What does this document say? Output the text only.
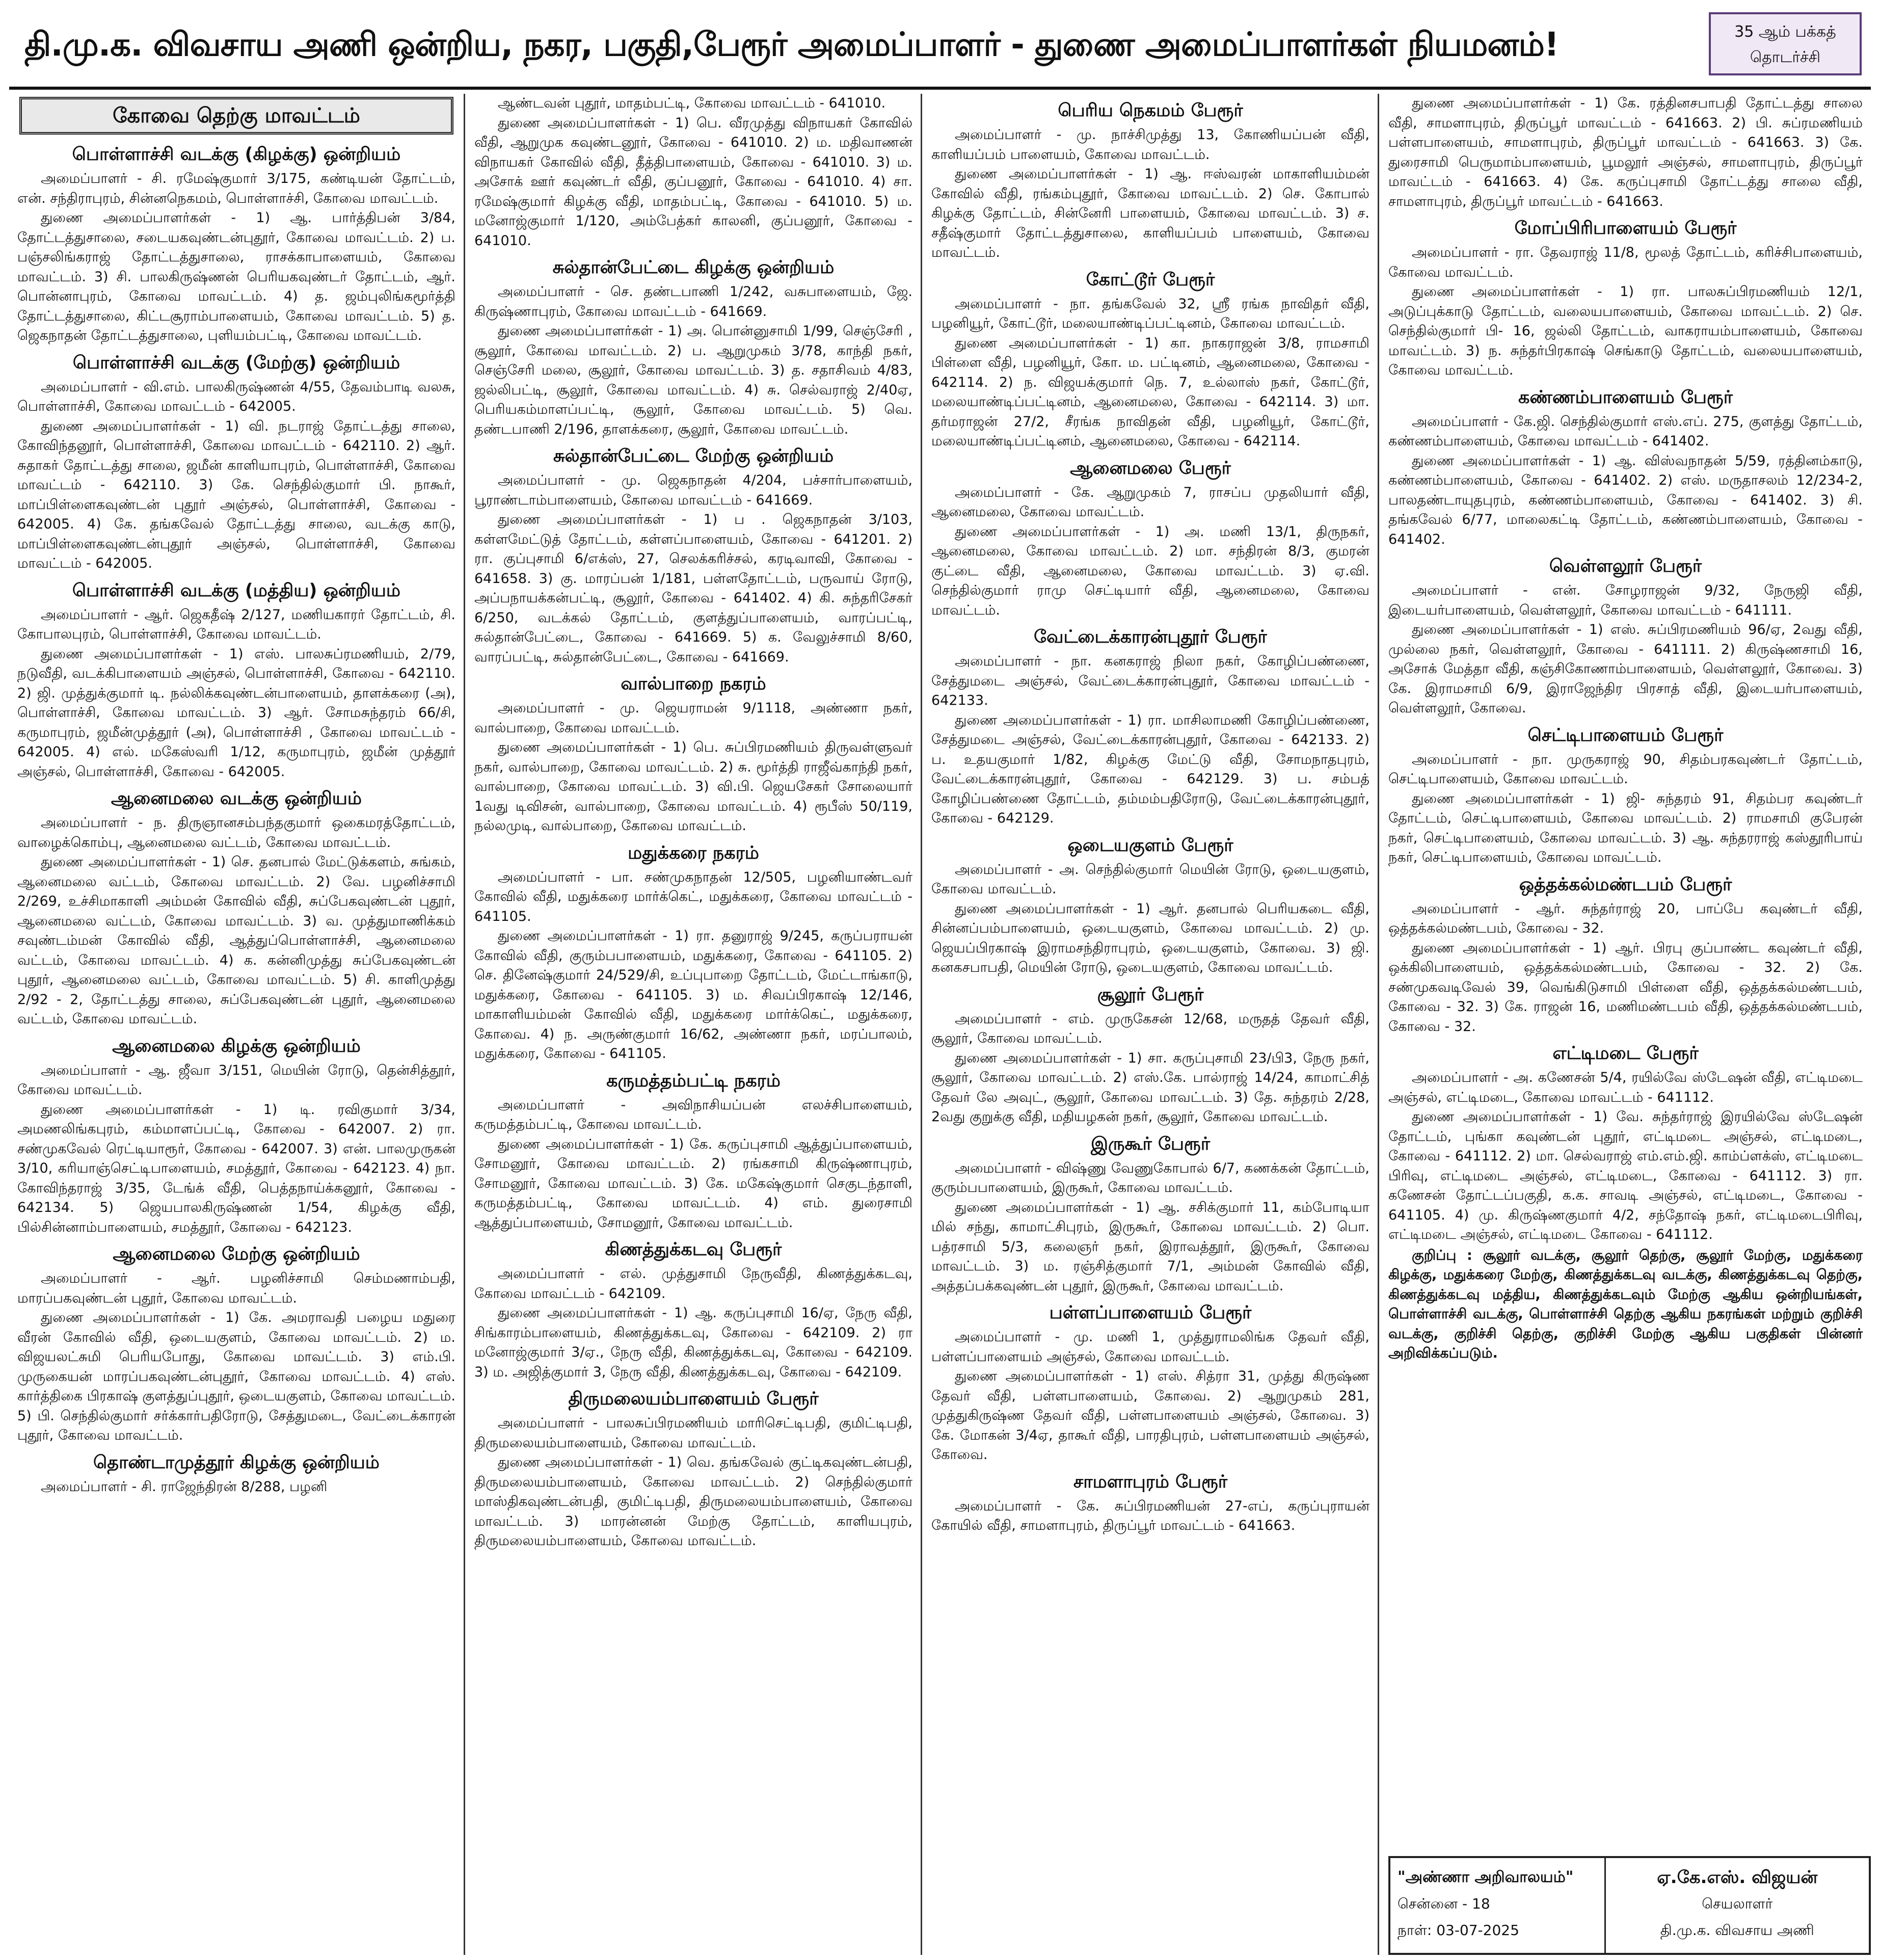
தி.மு.க. விவசாய அணி ஒன்றிய, நகர, பகுதி,பேரூர் அமைப்பாளர் - துணை அமைப்பாளர்கள் நியமனம்!	35 ஆம் பக்கத்
தொடர்ச்சி
கோவை தெற்கு மாவட்டம்
பொள்ளாச்சி வடக்கு (கிழக்கு) ஒன்றியம்

அமைப்பாளர் - சி. ரமேஷ்குமார் 3/175, கண்டியன் தோட்டம், என். சந்திராபுரம், சின்னநெகமம், பொள்ளாச்சி, கோவை மாவட்டம்.

துணை அமைப்பாளர்கள் - 1) ஆ. பார்த்திபன் 3/84, தோட்டத்துசாலை, சடையகவுண்டன்புதூர், கோவை மாவட்டம். 2) ப. பஞ்சலிங்கராஜ் தோட்டத்துசாலை, ராசக்காபாளையம், கோவை மாவட்டம். 3) சி. பாலகிருஷ்ணன் பெரியகவுண்டர் தோட்டம், ஆர். பொன்னாபுரம், கோவை மாவட்டம். 4) த. ஜம்புலிங்கமூர்த்தி தோட்டத்துசாலை, கிட்டசூராம்பாளையம், கோவை மாவட்டம். 5) த. ஜெகநாதன் தோட்டத்துசாலை, புளியம்பட்டி, கோவை மாவட்டம்.

பொள்ளாச்சி வடக்கு (மேற்கு) ஒன்றியம்

அமைப்பாளர் - வி.எம். பாலகிருஷ்ணன் 4/55, தேவம்பாடி வலசு, பொள்ளாச்சி, கோவை மாவட்டம் - 642005.

துணை அமைப்பாளர்கள் - 1) வி. நடராஜ் தோட்டத்து சாலை, கோவிந்தனூர், பொள்ளாச்சி, கோவை மாவட்டம் - 642110. 2) ஆர். சுதாகர் தோட்டத்து சாலை, ஜமீன் காளியாபுரம், பொள்ளாச்சி, கோவை மாவட்டம் - 642110. 3) கே. செந்தில்குமார் பி. நாகூர், மாப்பிள்ளைகவுண்டன் புதூர் அஞ்சல், பொள்ளாச்சி, கோவை - 642005. 4) கே. தங்கவேல் தோட்டத்து சாலை, வடக்கு காடு, மாப்பிள்ளைகவுண்டன்புதூர் அஞ்சல், பொள்ளாச்சி, கோவை மாவட்டம் - 642005.

பொள்ளாச்சி வடக்கு (மத்திய) ஒன்றியம்

அமைப்பாளர் - ஆர். ஜெகதீஷ் 2/127, மணியகாரர் தோட்டம், சி. கோபாலபுரம், பொள்ளாச்சி, கோவை மாவட்டம்.

துணை அமைப்பாளர்கள் - 1) எஸ். பாலசுப்ரமணியம், 2/79, நடுவீதி, வடக்கிபாளையம் அஞ்சல், பொள்ளாச்சி, கோவை - 642110. 2) ஜி. முத்துக்குமார் டி. நல்லிக்கவுண்டன்பாளையம், தாளக்கரை (அ), பொள்ளாச்சி, கோவை மாவட்டம். 3) ஆர். சோமசுந்தரம் 66/சி, கருமாபுரம், ஜமீன்முத்தூர் (அ), பொள்ளாச்சி , கோவை மாவட்டம் - 642005. 4) எல். மகேஸ்வரி 1/12, கருமாபுரம், ஜமீன் முத்தூர் அஞ்சல், பொள்ளாச்சி, கோவை - 642005.

ஆனைமலை வடக்கு ஒன்றியம்

அமைப்பாளர் - ந. திருஞானசம்பந்தகுமார் ஒகைமரத்தோட்டம், வாழைக்கொம்பு, ஆனைமலை வட்டம், கோவை மாவட்டம்.

துணை அமைப்பாளர்கள் - 1) செ. தனபால் மேட்டுக்களம், சுங்கம், ஆனைமலை வட்டம், கோவை மாவட்டம். 2) வே. பழனிச்சாமி 2/269, உச்சிமாகாளி அம்மன் கோவில் வீதி, சுப்பேகவுண்டன் புதூர், ஆனைமலை வட்டம், கோவை மாவட்டம். 3) வ. முத்துமாணிக்கம் சவுண்டம்மன் கோவில் வீதி, ஆத்துப்பொள்ளாச்சி, ஆனைமலை வட்டம், கோவை மாவட்டம். 4) க. கன்னிமுத்து சுப்பேகவுண்டன் புதூர், ஆனைமலை வட்டம், கோவை மாவட்டம். 5) சி. காளிமுத்து 2/92 - 2, தோட்டத்து சாலை, சுப்பேகவுண்டன் புதூர், ஆனைமலை வட்டம், கோவை மாவட்டம்.

ஆனைமலை கிழக்கு ஒன்றியம்

அமைப்பாளர் - ஆ. ஜீவா 3/151, மெயின் ரோடு, தென்சித்தூர், கோவை மாவட்டம்.

துணை அமைப்பாளர்கள் - 1) டி. ரவிகுமார் 3/34, அமணலிங்கபுரம், கம்மாளப்பட்டி, கோவை - 642007. 2) ரா. சண்முகவேல் ரெட்டியாரூர், கோவை - 642007. 3) என். பாலமுருகன் 3/10, கரியாஞ்செட்டிபாளையம், சமத்தூர், கோவை - 642123. 4) நா. கோவிந்தராஜ் 3/35, டேங்க் வீதி, பெத்தநாய்க்கனூர், கோவை - 642134. 5) ஜெயபாலகிருஷ்ணன் 1/54, கிழக்கு வீதி, பில்சின்னாம்பாளையம், சமத்தூர், கோவை - 642123.

ஆனைமலை மேற்கு ஒன்றியம்

அமைப்பாளர் - ஆர். பழனிச்சாமி செம்மணாம்பதி, மாரப்பகவுண்டன் புதூர், கோவை மாவட்டம்.

துணை அமைப்பாளர்கள் - 1) கே. அமராவதி பழைய மதுரை வீரன் கோவில் வீதி, ஒடையகுளம், கோவை மாவட்டம். 2) ம. விஜயலட்சுமி பெரியபோது, கோவை மாவட்டம். 3) எம்.பி. முருகையன் மாரப்பகவுண்டன்புதூர், கோவை மாவட்டம். 4) எஸ். கார்த்திகை பிரகாஷ் குளத்துப்புதூர், ஒடையகுளம், கோவை மாவட்டம். 5) பி. செந்தில்குமார் சர்க்கார்பதிரோடு, சேத்துமடை, வேட்டைக்காரன் புதூர், கோவை மாவட்டம்.

தொண்டாமுத்தூர் கிழக்கு ஒன்றியம்

அமைப்பாளர் - சி. ராஜேந்திரன் 8/288, பழனி

ஆண்டவன் புதூர், மாதம்பட்டி, கோவை மாவட்டம் - 641010.

துணை அமைப்பாளர்கள் - 1) பெ. வீரமுத்து விநாயகர் கோவில் வீதி, ஆறுமுக கவுண்டனூர், கோவை - 641010. 2) ம. மதிவாணன் விநாயகர் கோவில் வீதி, தீத்திபாளையம், கோவை - 641010. 3) ம. அசோக் ஊர் கவுண்டர் வீதி, குப்பனூர், கோவை - 641010. 4) சா. ரமேஷ்குமார் கிழக்கு வீதி, மாதம்பட்டி, கோவை - 641010. 5) ம. மனோஜ்குமார் 1/120, அம்பேத்கர் காலனி, குப்பனூர், கோவை - 641010.

சுல்தான்பேட்டை கிழக்கு ஒன்றியம்

அமைப்பாளர் - செ. தண்டபாணி 1/242, வசுபாளையம், ஜே. கிருஷ்ணாபுரம், கோவை மாவட்டம் - 641669.

துணை அமைப்பாளர்கள் - 1) அ. பொன்னுசாமி 1/99, செஞ்சேரி , சூலூர், கோவை மாவட்டம். 2) ப. ஆறுமுகம் 3/78, காந்தி நகர், செஞ்சேரி மலை, சூலூர், கோவை மாவட்டம். 3) த. சதாசிவம் 4/83, ஜல்லிபட்டி, சூலூர், கோவை மாவட்டம். 4) சு. செல்வராஜ் 2/40ஏ, பெரியகம்மாளப்பட்டி, சூலூர், கோவை மாவட்டம். 5) வெ. தண்டபாணி 2/196, தாளக்கரை, சூலூர், கோவை மாவட்டம்.

சுல்தான்பேட்டை மேற்கு ஒன்றியம்

அமைப்பாளர் - மு. ஜெகநாதன் 4/204, பச்சார்பாளையம், பூராண்டாம்பாளையம், கோவை மாவட்டம் - 641669.

துணை அமைப்பாளர்கள் - 1) ப . ஜெகநாதன் 3/103, கள்ளமேட்டுத் தோட்டம், கள்ளப்பாளையம், கோவை - 641201. 2) ரா. குப்புசாமி 6/எக்ஸ், 27, செலக்கரிச்சல், கரடிவாவி, கோவை - 641658. 3) கு. மாரப்பன் 1/181, பள்ளதோட்டம், பருவாய் ரோடு, அப்பநாயக்கன்பட்டி, சூலூர், கோவை - 641402. 4) கி. சுந்தரிசேகர் 6/250, வடக்கல் தோட்டம், குளத்துப்பாளையம், வாரப்பட்டி, சுல்தான்பேட்டை, கோவை - 641669. 5) க. வேலுச்சாமி 8/60, வாரப்பட்டி, சுல்தான்பேட்டை, கோவை - 641669.

வால்பாறை நகரம்

அமைப்பாளர் - மு. ஜெயராமன் 9/1118, அண்ணா நகர், வால்பாறை, கோவை மாவட்டம்.

துணை அமைப்பாளர்கள் - 1) பெ. சுப்பிரமணியம் திருவள்ளுவர் நகர், வால்பாறை, கோவை மாவட்டம். 2) சு. மூர்த்தி ராஜீவ்காந்தி நகர், வால்பாறை, கோவை மாவட்டம். 3) வி.பி. ஜெயசேகர் சோலையார் 1வது டிவிசன், வால்பாறை, கோவை மாவட்டம். 4) ரூபீஸ் 50/119, நல்லமுடி, வால்பாறை, கோவை மாவட்டம்.

மதுக்கரை நகரம்

அமைப்பாளர் - பா. சண்முகநாதன் 12/505, பழனியாண்டவர் கோவில் வீதி, மதுக்கரை மார்க்கெட், மதுக்கரை, கோவை மாவட்டம் - 641105.

துணை அமைப்பாளர்கள் - 1) ரா. தனுராஜ் 9/245, கருப்பராயன் கோவில் வீதி, குரும்பபாளையம், மதுக்கரை, கோவை - 641105. 2) செ. தினேஷ்குமார் 24/529/சி, உப்புபாறை தோட்டம், மேட்டாங்காடு, மதுக்கரை, கோவை - 641105. 3) ம. சிவப்பிரகாஷ் 12/146, மாகாளியம்மன் கோவில் வீதி, மதுக்கரை மார்க்கெட், மதுக்கரை, கோவை. 4) ந. அருண்குமார் 16/62, அண்ணா நகர், மரப்பாலம், மதுக்கரை, கோவை - 641105.

கருமத்தம்பட்டி நகரம்

அமைப்பாளர் - அவிநாசியப்பன் எலச்சிபாளையம், கருமத்தம்பட்டி, கோவை மாவட்டம்.

துணை அமைப்பாளர்கள் - 1) கே. கருப்புசாமி ஆத்துப்பாளையம், சோமனூர், கோவை மாவட்டம். 2) ரங்கசாமி கிருஷ்ணாபுரம், சோமனூர், கோவை மாவட்டம். 3) கே. மகேஷ்குமார் செகுடந்தாளி, கருமத்தம்பட்டி, கோவை மாவட்டம். 4) எம். துரைசாமி ஆத்துப்பாளையம், சோமனூர், கோவை மாவட்டம்.

கிணத்துக்கடவு பேரூர்

அமைப்பாளர் - எல். முத்துசாமி நேருவீதி, கிணத்துக்கடவு, கோவை மாவட்டம் - 642109.

துணை அமைப்பாளர்கள் - 1) ஆ. கருப்புசாமி 16/ஏ, நேரு வீதி, சிங்காரம்பாளையம், கிணத்துக்கடவு, கோவை - 642109. 2) ரா மனோஜ்குமார் 3/ஏ., நேரு வீதி, கிணத்துக்கடவு, கோவை - 642109. 3) ம. அஜித்குமார் 3, நேரு வீதி, கிணத்துக்கடவு, கோவை - 642109.

திருமலையம்பாளையம் பேரூர்

அமைப்பாளர் - பாலசுப்பிரமணியம் மாரிசெட்டிபதி, குமிட்டிபதி, திருமலையம்பாளையம், கோவை மாவட்டம்.

துணை அமைப்பாளர்கள் - 1) வெ. தங்கவேல் குட்டிகவுண்டன்பதி, திருமலையம்பாளையம், கோவை மாவட்டம். 2) செந்தில்குமார் மாஸ்திகவுண்டன்பதி, குமிட்டிபதி, திருமலையம்பாளையம், கோவை மாவட்டம். 3) மாரன்னன் மேற்கு தோட்டம், காளியபுரம், திருமலையம்பாளையம், கோவை மாவட்டம்.

பெரிய நெகமம் பேரூர்

அமைப்பாளர் - மு. நாச்சிமுத்து 13, கோணியப்பன் வீதி, காளியப்பம் பாளையம், கோவை மாவட்டம்.

துணை அமைப்பாளர்கள் - 1) ஆ. ஈஸ்வரன் மாகாளியம்மன் கோவில் வீதி, ரங்கம்புதூர், கோவை மாவட்டம். 2) செ. கோபால் கிழக்கு தோட்டம், சின்னேரி பாளையம், கோவை மாவட்டம். 3) ச. சதீஷ்குமார் தோட்டத்துசாலை, காளியப்பம் பாளையம், கோவை மாவட்டம்.

கோட்டூர் பேரூர்

அமைப்பாளர் - நா. தங்கவேல் 32, ஸ்ரீ ரங்க நாவிதர் வீதி, பழனியூர், கோட்டூர், மலையாண்டிப்பட்டினம், கோவை மாவட்டம்.

துணை அமைப்பாளர்கள் - 1) கா. நாகராஜன் 3/8, ராமசாமி பிள்ளை வீதி, பழனியூர், கோ. ம. பட்டினம், ஆனைமலை, கோவை - 642114. 2) ந. விஜயக்குமார் நெ. 7, உல்லாஸ் நகர், கோட்டூர், மலையாண்டிப்பட்டினம், ஆனைமலை, கோவை - 642114. 3) மா. தர்மராஜன் 27/2, சீரங்க நாவிதன் வீதி, பழனியூர், கோட்டூர், மலையாண்டிப்பட்டினம், ஆனைமலை, கோவை - 642114.

ஆனைமலை பேரூர்

அமைப்பாளர் - கே. ஆறுமுகம் 7, ராசப்ப முதலியார் வீதி, ஆனைமலை, கோவை மாவட்டம்.

துணை அமைப்பாளர்கள் - 1) அ. மணி 13/1, திருநகர், ஆனைமலை, கோவை மாவட்டம். 2) மா. சந்திரன் 8/3, குமரன் குட்டை வீதி, ஆனைமலை, கோவை மாவட்டம். 3) ஏ.வி. செந்தில்குமார் ராமு செட்டியார் வீதி, ஆனைமலை, கோவை மாவட்டம்.

வேட்டைக்காரன்புதூர் பேரூர்

அமைப்பாளர் - நா. கனகராஜ் நிலா நகர், கோழிப்பண்ணை, சேத்துமடை அஞ்சல், வேட்டைக்காரன்புதூர், கோவை மாவட்டம் - 642133.

துணை அமைப்பாளர்கள் - 1) ரா. மாசிலாமணி கோழிப்பண்ணை, சேத்துமடை அஞ்சல், வேட்டைக்காரன்புதூர், கோவை - 642133. 2) ப. உதயகுமார் 1/82, கிழக்கு மேட்டு வீதி, சோமநாதபுரம், வேட்டைக்காரன்புதூர், கோவை - 642129. 3) ப. சம்பத் கோழிப்பண்ணை தோட்டம், தம்மம்பதிரோடு, வேட்டைக்காரன்புதூர், கோவை - 642129.

ஒடையகுளம் பேரூர்

அமைப்பாளர் - அ. செந்தில்குமார் மெயின் ரோடு, ஒடையகுளம், கோவை மாவட்டம்.

துணை அமைப்பாளர்கள் - 1) ஆர். தனபால் பெரியகடை வீதி, சின்னப்பம்பாளையம், ஒடையகுளம், கோவை மாவட்டம். 2) மு. ஜெயப்பிரகாஷ் இராமசந்திராபுரம், ஒடையகுளம், கோவை. 3) ஜி. கனகசபாபதி, மெயின் ரோடு, ஒடையகுளம், கோவை மாவட்டம்.

சூலூர் பேரூர்

அமைப்பாளர் - எம். முருகேசன் 12/68, மருதத் தேவர் வீதி, சூலூர், கோவை மாவட்டம்.

துணை அமைப்பாளர்கள் - 1) சா. கருப்புசாமி 23/பி3, நேரு நகர், சூலூர், கோவை மாவட்டம். 2) எஸ்.கே. பால்ராஜ் 14/24, காமாட்சித் தேவர் லே அவுட், சூலூர், கோவை மாவட்டம். 3) தே. சுந்தரம் 2/28, 2வது குறுக்கு வீதி, மதியழகன் நகர், சூலூர், கோவை மாவட்டம்.

இருகூர் பேரூர்

அமைப்பாளர் - விஷ்ணு வேணுகோபால் 6/7, கணக்கன் தோட்டம், குரும்பபாளையம், இருகூர், கோவை மாவட்டம்.

துணை அமைப்பாளர்கள் - 1) ஆ. சசிக்குமார் 11, கம்போடியா மில் சந்து, காமாட்சிபுரம், இருகூர், கோவை மாவட்டம். 2) பொ. பத்ரசாமி 5/3, கலைஞர் நகர், இராவத்தூர், இருகூர், கோவை மாவட்டம். 3) ம. ரஞ்சித்குமார் 7/1, அம்மன் கோவில் வீதி, அத்தப்பக்கவுண்டன் புதூர், இருகூர், கோவை மாவட்டம்.

பள்ளப்பாளையம் பேரூர்

அமைப்பாளர் - மு. மணி 1, முத்துராமலிங்க தேவர் வீதி, பள்ளப்பாளையம் அஞ்சல், கோவை மாவட்டம்.

துணை அமைப்பாளர்கள் - 1) எஸ். சித்ரா 31, முத்து கிருஷ்ண தேவர் வீதி, பள்ளபாளையம், கோவை. 2) ஆறுமுகம் 281, முத்துகிருஷ்ண தேவர் வீதி, பள்ளபாளையம் அஞ்சல், கோவை. 3) கே. மோகன் 3/4ஏ, தாகூர் வீதி, பாரதிபுரம், பள்ளபாளையம் அஞ்சல், கோவை.

சாமளாபுரம் பேரூர்

அமைப்பாளர் - கே. சுப்பிரமணியன் 27-எப், கருப்புராயன் கோயில் வீதி, சாமளாபுரம், திருப்பூர் மாவட்டம் - 641663.

துணை அமைப்பாளர்கள் - 1) கே. ரத்தினசபாபதி தோட்டத்து சாலை வீதி, சாமளாபுரம், திருப்பூர் மாவட்டம் - 641663. 2) பி. சுப்ரமணியம் பள்ளபாளையம், சாமளாபுரம், திருப்பூர் மாவட்டம் - 641663. 3) கே. துரைசாமி பெருமாம்பாளையம், பூமலூர் அஞ்சல், சாமளாபுரம், திருப்பூர் மாவட்டம் - 641663. 4) கே. கருப்புசாமி தோட்டத்து சாலை வீதி, சாமளாபுரம், திருப்பூர் மாவட்டம் - 641663.

மோப்பிரிபாளையம் பேரூர்

அமைப்பாளர் - ரா. தேவராஜ் 11/8, மூலத் தோட்டம், கரிச்சிபாளையம், கோவை மாவட்டம்.

துணை அமைப்பாளர்கள் - 1) ரா. பாலசுப்பிரமணியம் 12/1, அடுப்புக்காடு தோட்டம், வலையபாளையம், கோவை மாவட்டம். 2) செ. செந்தில்குமார் பி- 16, ஜல்லி தோட்டம், வாகராயம்பாளையம், கோவை மாவட்டம். 3) ந. சுந்தர்பிரகாஷ் செங்காடு தோட்டம், வலையபாளையம், கோவை மாவட்டம்.

கண்ணம்பாளையம் பேரூர்

அமைப்பாளர் - கே.ஜி. செந்தில்குமார் எஸ்.எப். 275, குளத்து தோட்டம், கண்ணம்பாளையம், கோவை மாவட்டம் - 641402.

துணை அமைப்பாளர்கள் - 1) ஆ. விஸ்வநாதன் 5/59, ரத்தினம்காடு, கண்ணம்பாளையம், கோவை - 641402. 2) எஸ். மருதாசலம் 12/234-2, பாலதண்டாயுதபுரம், கண்ணம்பாளையம், கோவை - 641402. 3) சி. தங்கவேல் 6/77, மாலைகட்டி தோட்டம், கண்ணம்பாளையம், கோவை - 641402.

வெள்ளலூர் பேரூர்

அமைப்பாளர் - என். சோழராஜன் 9/32, நேருஜி வீதி, இடையர்பாளையம், வெள்ளலூர், கோவை மாவட்டம் - 641111.

துணை அமைப்பாளர்கள் - 1) எஸ். சுப்பிரமணியம் 96/ஏ, 2வது வீதி, முல்லை நகர், வெள்ளலூர், கோவை - 641111. 2) கிருஷ்ணசாமி 16, அசோக் மேத்தா வீதி, கஞ்சிகோணாம்பாளையம், வெள்ளலூர், கோவை. 3) கே. இராமசாமி 6/9, இராஜேந்திர பிரசாத் வீதி, இடையர்பாளையம், வெள்ளலூர், கோவை.

செட்டிபாளையம் பேரூர்

அமைப்பாளர் - நா. முருகராஜ் 90, சிதம்பரகவுண்டர் தோட்டம், செட்டிபாளையம், கோவை மாவட்டம்.

துணை அமைப்பாளர்கள் - 1) ஜி- சுந்தரம் 91, சிதம்பர கவுண்டர் தோட்டம், செட்டிபாளையம், கோவை மாவட்டம். 2) ராமசாமி குபேரன் நகர், செட்டிபாளையம், கோவை மாவட்டம். 3) ஆ. சுந்தரராஜ் கஸ்தூரிபாய் நகர், செட்டிபாளையம், கோவை மாவட்டம்.

ஒத்தக்கல்மண்டபம் பேரூர்

அமைப்பாளர் - ஆர். சுந்தர்ராஜ் 20, பாப்பே கவுண்டர் வீதி, ஒத்தக்கல்மண்டபம், கோவை - 32.

துணை அமைப்பாளர்கள் - 1) ஆர். பிரபு குப்பாண்ட கவுண்டர் வீதி, ஒக்கிலிபாளையம், ஒத்தக்கல்மண்டபம், கோவை - 32. 2) கே. சண்முகவடிவேல் 39, வெங்கிடுசாமி பிள்ளை வீதி, ஒத்தக்கல்மண்டபம், கோவை - 32. 3) கே. ராஜன் 16, மணிமண்டபம் வீதி, ஒத்தக்கல்மண்டபம், கோவை - 32.

எட்டிமடை பேரூர்

அமைப்பாளர் - அ. கணேசன் 5/4, ரயில்வே ஸ்டேஷன் வீதி, எட்டிமடை அஞ்சல், எட்டிமடை, கோவை மாவட்டம் - 641112.

துணை அமைப்பாளர்கள் - 1) வே. சுந்தர்ராஜ் இரயில்வே ஸ்டேஷன் தோட்டம், புங்கா கவுண்டன் புதூர், எட்டிமடை அஞ்சல், எட்டிமடை, கோவை - 641112. 2) மா. செல்வராஜ் எம்.எம்.ஜி. காம்ப்ளக்ஸ், எட்டிமடை பிரிவு, எட்டிமடை அஞ்சல், எட்டிமடை, கோவை - 641112. 3) ரா. கணேசன் தோட்டப்பகுதி, க.க. சாவடி அஞ்சல், எட்டிமடை, கோவை - 641105. 4) மு. கிருஷ்ணகுமார் 4/2, சந்தோஷ் நகர், எட்டிமடைபிரிவு, எட்டிமடை அஞ்சல், எட்டிமடை கோவை - 641112.

குறிப்பு : சூலூர் வடக்கு, சூலூர் தெற்கு, சூலூர் மேற்கு, மதுக்கரை கிழக்கு, மதுக்கரை மேற்கு, கிணத்துக்கடவு வடக்கு, கிணத்துக்கடவு தெற்கு, கிணத்துக்கடவு மத்திய, கிணத்துக்கடவும் மேற்கு ஆகிய ஒன்றியங்கள், பொள்ளாச்சி வடக்கு, பொள்ளாச்சி தெற்கு ஆகிய நகரங்கள் மற்றும் குறிச்சி வடக்கு, குறிச்சி தெற்கு, குறிச்சி மேற்கு ஆகிய பகுதிகள் பின்னர் அறிவிக்கப்படும்.

"அண்ணா அறிவாலயம்"
சென்னை - 18
நாள்: 03-07-2025
ஏ.கே.எஸ். விஜயன்
செயலாளர்
தி.மு.க. விவசாய அணி
